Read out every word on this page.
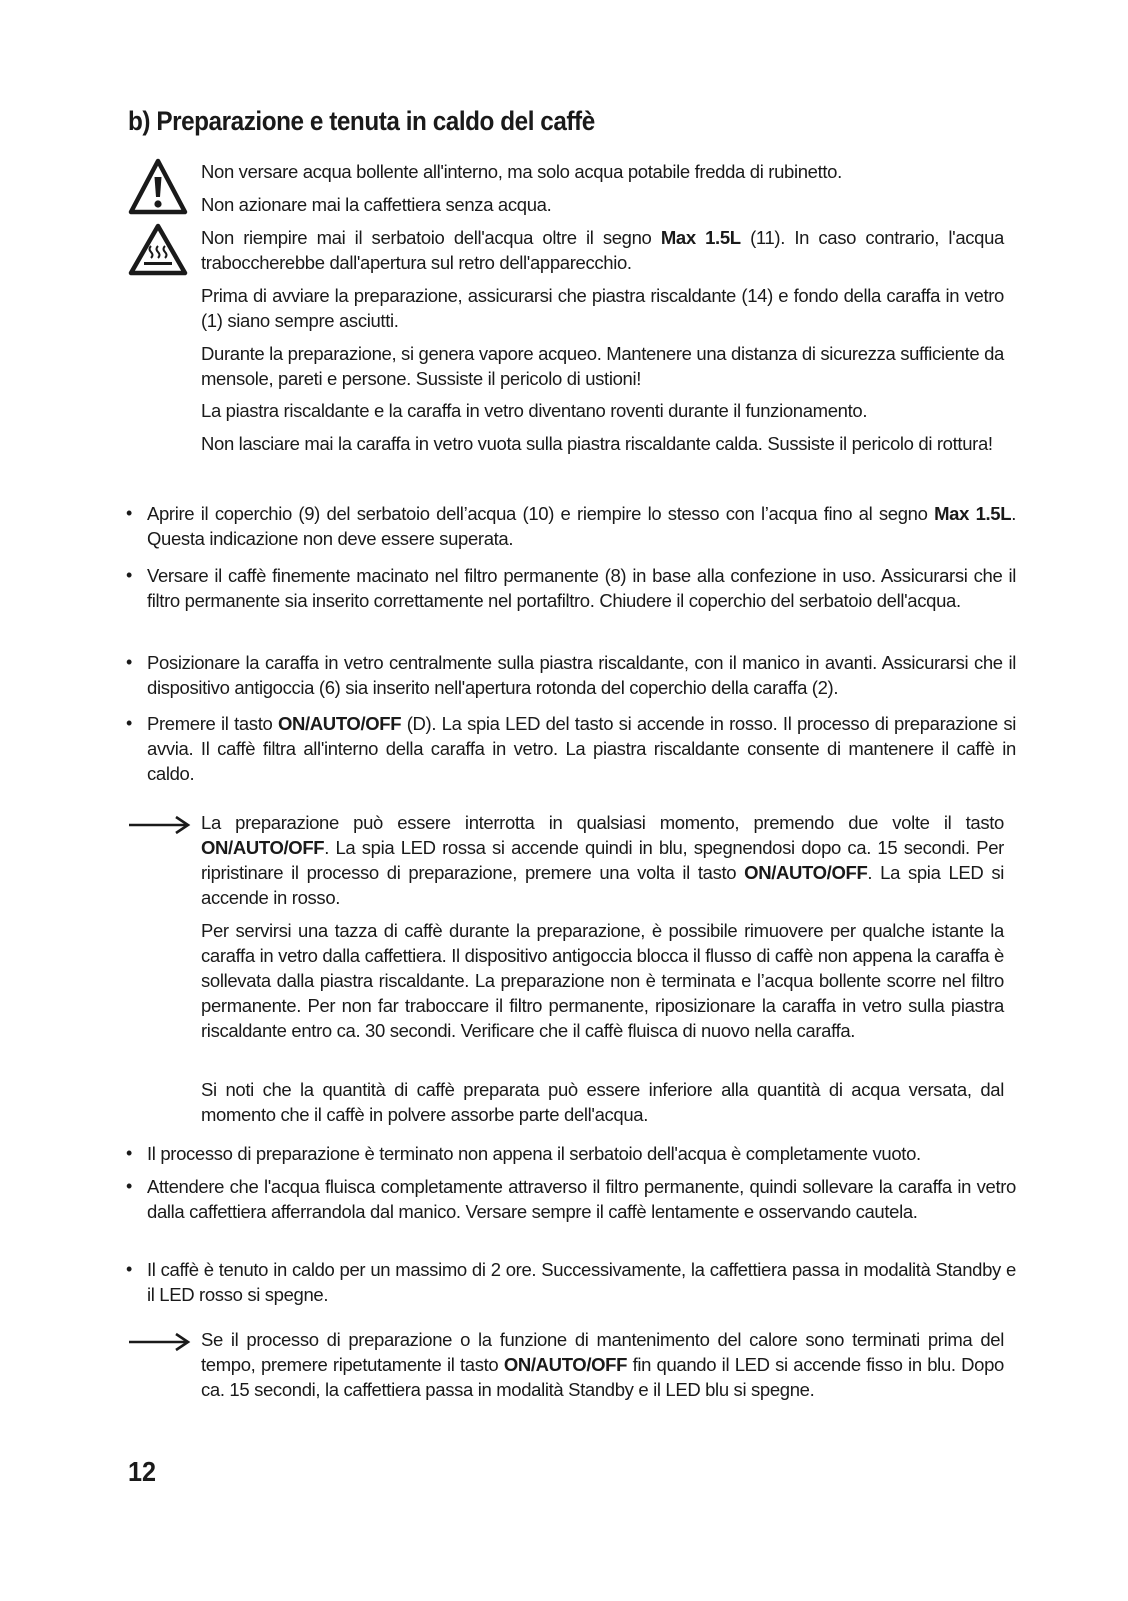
b) Preparazione e tenuta in caldo del caffè

Non versare acqua bollente all'interno, ma solo acqua potabile fredda di rubinetto.

Non azionare mai la caffettiera senza acqua.

Non riempire mai il serbatoio dell'acqua oltre il segno Max 1.5L (11). In caso contrario, l'acqua traboccherebbe dall'apertura sul retro dell'apparecchio.

Prima di avviare la preparazione, assicurarsi che piastra riscaldante (14) e fondo della caraffa in vetro (1) siano sempre asciutti.

Durante la preparazione, si genera vapore acqueo. Mantenere una distanza di sicurezza sufficiente da mensole, pareti e persone. Sussiste il pericolo di ustioni!

La piastra riscaldante e la caraffa in vetro diventano roventi durante il funzionamento.

Non lasciare mai la caraffa in vetro vuota sulla piastra riscaldante calda. Sussiste il pericolo di rottura!

• Aprire il coperchio (9) del serbatoio dell’acqua (10) e riempire lo stesso con l’acqua fino al segno Max 1.5L. Questa indicazione non deve essere superata.

• Versare il caffè finemente macinato nel filtro permanente (8) in base alla confezione in uso. Assicurarsi che il filtro permanente sia inserito correttamente nel portafiltro. Chiudere il coperchio del serbatoio dell'acqua.

• Posizionare la caraffa in vetro centralmente sulla piastra riscaldante, con il manico in avanti. Assicurarsi che il dispositivo antigoccia (6) sia inserito nell'apertura rotonda del coperchio della caraffa (2).

• Premere il tasto ON/AUTO/OFF (D). La spia LED del tasto si accende in rosso. Il processo di preparazione si avvia. Il caffè filtra all'interno della caraffa in vetro. La piastra riscaldante consente di mantenere il caffè in caldo.

La preparazione può essere interrotta in qualsiasi momento, premendo due volte il tasto ON/AUTO/OFF. La spia LED rossa si accende quindi in blu, spegnendosi dopo ca. 15 secondi. Per ripristinare il processo di preparazione, premere una volta il tasto ON/AUTO/OFF. La spia LED si accende in rosso.

Per servirsi una tazza di caffè durante la preparazione, è possibile rimuovere per qualche istante la caraffa in vetro dalla caffettiera. Il dispositivo antigoccia blocca il flusso di caffè non appena la caraffa è sollevata dalla piastra riscaldante. La preparazione non è terminata e l’acqua bollente scorre nel filtro permanente. Per non far traboccare il filtro permanente, riposizionare la caraffa in vetro sulla piastra riscaldante entro ca. 30 secondi. Verificare che il caffè fluisca di nuovo nella caraffa.

Si noti che la quantità di caffè preparata può essere inferiore alla quantità di acqua versata, dal momento che il caffè in polvere assorbe parte dell'acqua.

• Il processo di preparazione è terminato non appena il serbatoio dell'acqua è completamente vuoto.

• Attendere che l'acqua fluisca completamente attraverso il filtro permanente, quindi sollevare la caraffa in vetro dalla caffettiera afferrandola dal manico. Versare sempre il caffè lentamente e osservando cautela.

• Il caffè è tenuto in caldo per un massimo di 2 ore. Successivamente, la caffettiera passa in modalità Standby e il LED rosso si spegne.

Se il processo di preparazione o la funzione di mantenimento del calore sono terminati prima del tempo, premere ripetutamente il tasto ON/AUTO/OFF fin quando il LED si accende fisso in blu. Dopo ca. 15 secondi, la caffettiera passa in modalità Standby e il LED blu si spegne.

12
